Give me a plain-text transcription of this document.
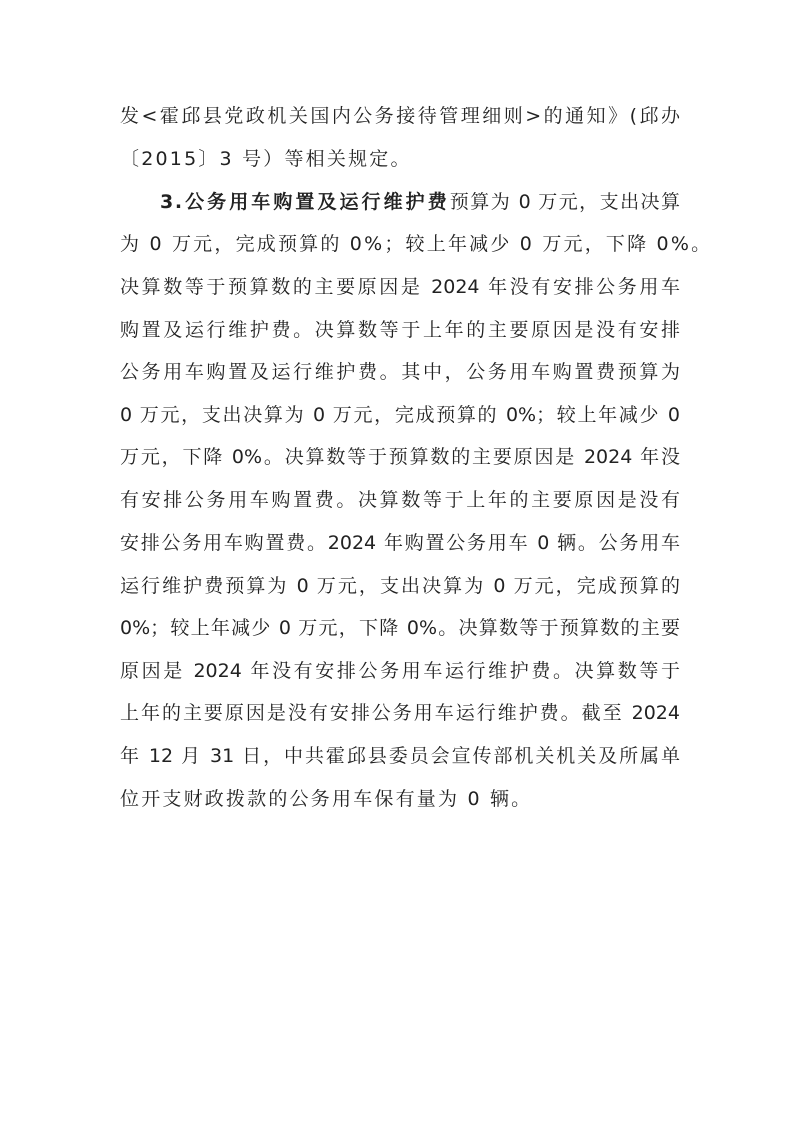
发<霍邱县党政机关国内公务接待管理细则>的通知》(邱办
〔2015〕3 号）等相关规定。
3.公务用车购置及运行维护费预算为 0 万元，支出决算
为 0 万元，完成预算的 0%；较上年减少 0 万元，下降 0%。
决算数等于预算数的主要原因是 2024 年没有安排公务用车
购置及运行维护费。决算数等于上年的主要原因是没有安排
公务用车购置及运行维护费。其中，公务用车购置费预算为
0 万元，支出决算为 0 万元，完成预算的 0%；较上年减少 0
万元，下降 0%。决算数等于预算数的主要原因是 2024 年没
有安排公务用车购置费。决算数等于上年的主要原因是没有
安排公务用车购置费。2024 年购置公务用车 0 辆。公务用车
运行维护费预算为 0 万元，支出决算为 0 万元，完成预算的
0%；较上年减少 0 万元，下降 0%。决算数等于预算数的主要
原因是 2024 年没有安排公务用车运行维护费。决算数等于
上年的主要原因是没有安排公务用车运行维护费。截至 2024
年 12 月 31 日，中共霍邱县委员会宣传部机关机关及所属单
位开支财政拨款的公务用车保有量为 0 辆。
